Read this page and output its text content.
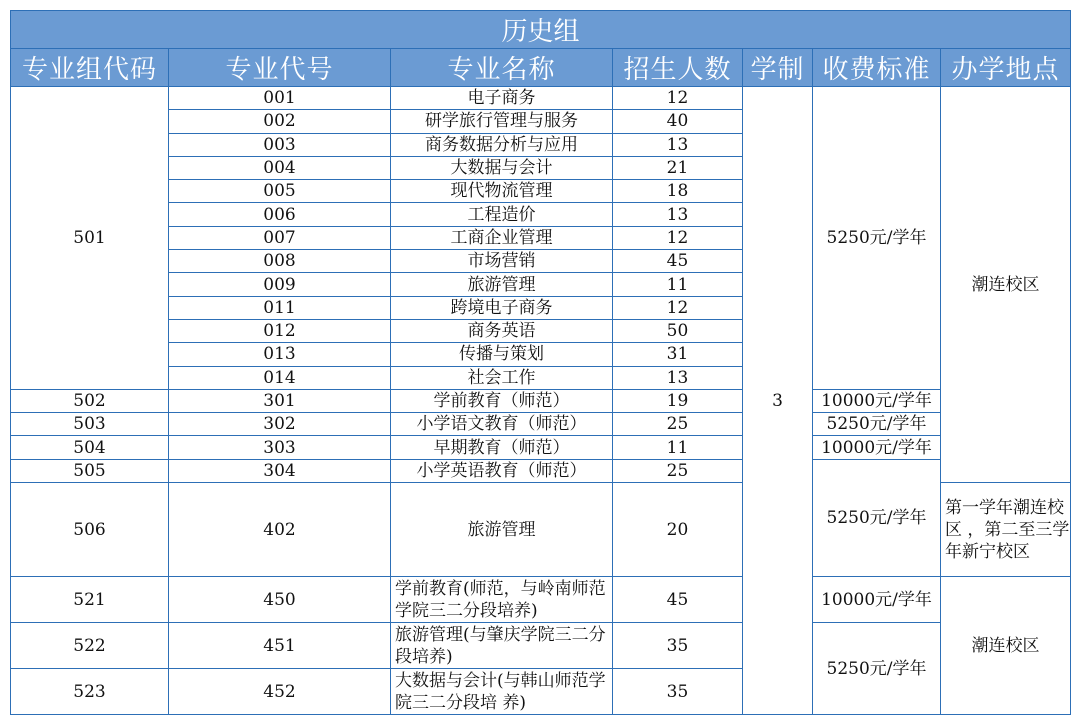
历史组						
专业组代码	专业代号	专业名称	招生人数	学制	收费标准	办学地点
501	001	电子商务	12	3	5250元/学年	潮连校区
	002	研学旅行管理与服务	40			
	003	商务数据分析与应用	13			
	004	大数据与会计	21			
	005	现代物流管理	18			
	006	工程造价	13			
	007	工商企业管理	12			
	008	市场营销	45			
	009	旅游管理	11			
	011	跨境电子商务	12			
	012	商务英语	50			
	013	传播与策划	31			
	014	社会工作	13			
502	301	学前教育（师范）	19		10000元/学年	
503	302	小学语文教育（师范）	25		5250元/学年	
504	303	早期教育（师范）	11		10000元/学年	
505	304	小学英语教育（师范）	25		5250元/学年	
506	402	旅游管理	20			第一学年潮连校区 ，第二至三学年新宁校区
521	450	学前教育(师范，与岭南师范学院三二分段培养)	45		10000元/学年	潮连校区
522	451	旅游管理(与肇庆学院三二分段培养)	35		5250元/学年	
523	452	大数据与会计(与韩山师范学院三二分段培 养)	35			
